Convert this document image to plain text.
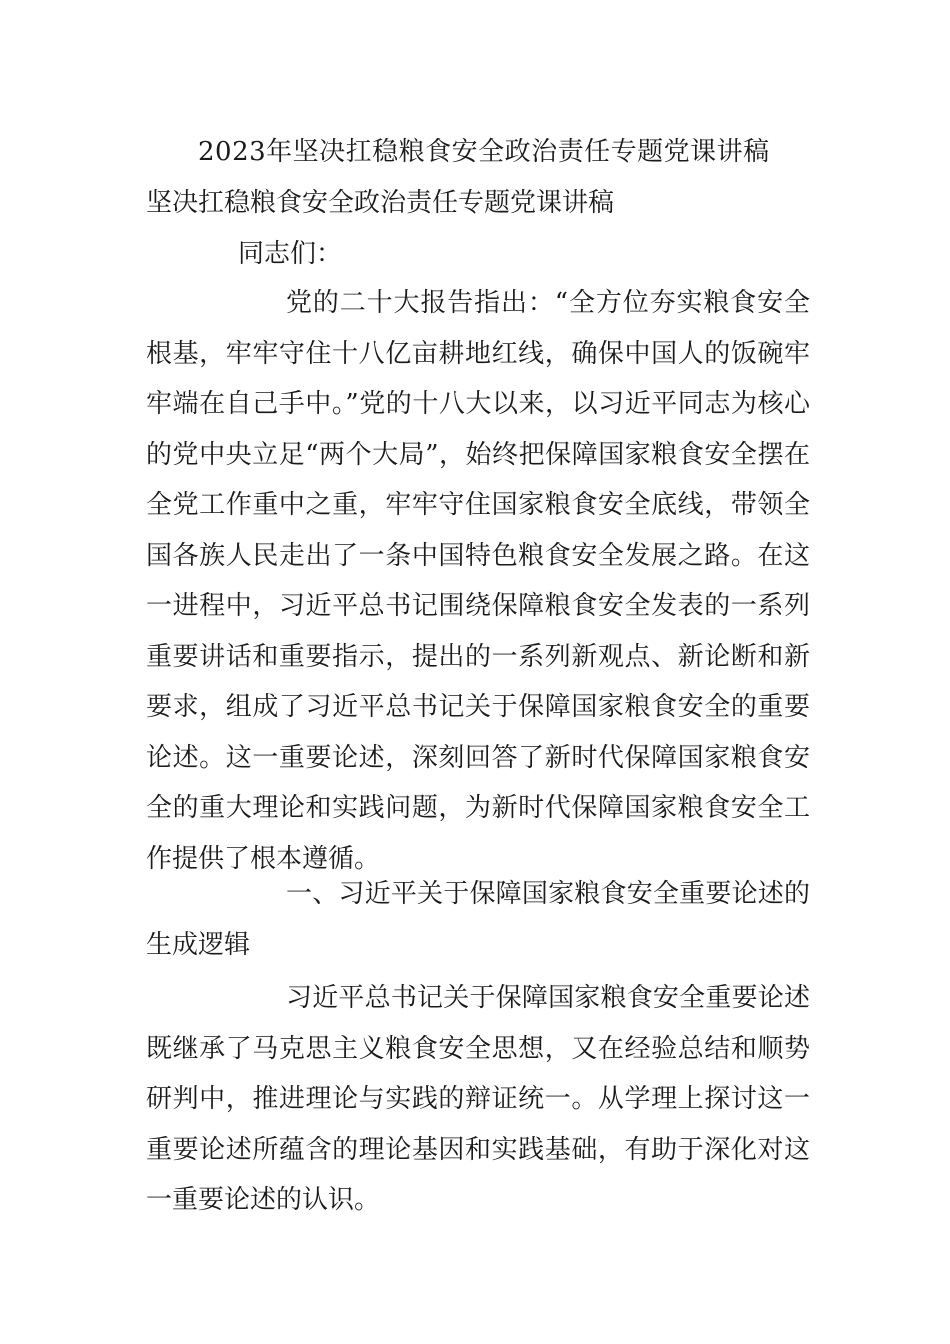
2023年坚决扛稳粮食安全政治责任专题党课讲稿
坚决扛稳粮食安全政治责任专题党课讲稿
同志们：

党的二十大报告指出：“全方位夯实粮食安全根基，牢牢守住十八亿亩耕地红线，确保中国人的饭碗牢牢端在自己手中。”党的十八大以来，以习近平同志为核心的党中央立足“两个大局”，始终把保障国家粮食安全摆在全党工作重中之重，牢牢守住国家粮食安全底线，带领全国各族人民走出了一条中国特色粮食安全发展之路。在这一进程中，习近平总书记围绕保障粮食安全发表的一系列重要讲话和重要指示，提出的一系列新观点、新论断和新要求，组成了习近平总书记关于保障国家粮食安全的重要论述。这一重要论述，深刻回答了新时代保障国家粮食安全的重大理论和实践问题，为新时代保障国家粮食安全工作提供了根本遵循。

一、习近平关于保障国家粮食安全重要论述的生成逻辑

习近平总书记关于保障国家粮食安全重要论述既继承了马克思主义粮食安全思想，又在经验总结和顺势研判中，推进理论与实践的辩证统一。从学理上探讨这一重要论述所蕴含的理论基因和实践基础，有助于深化对这一重要论述的认识。
